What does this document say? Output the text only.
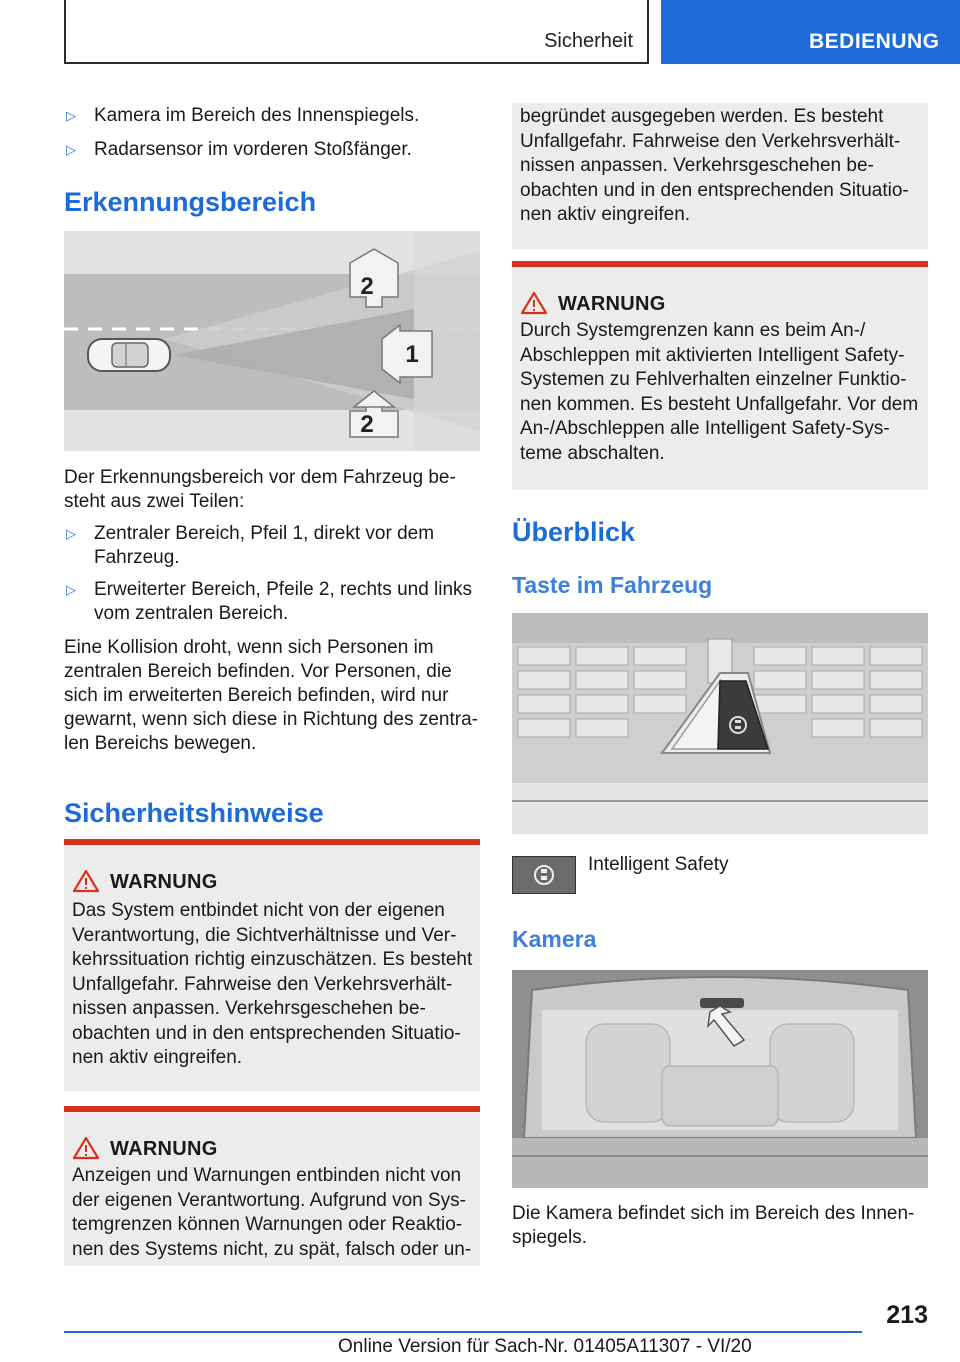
Sicherheit	BEDIENUNG
▷ Kamera im Bereich des Innenspiegels.
▷ Radarsensor im vorderen Stoßfänger.
Erkennungsbereich
2
1
2

Der Erkennungsbereich vor dem Fahrzeug be-

steht aus zwei Teilen:

▷ Zentraler Bereich, Pfeil 1, direkt vor dem
Fahrzeug.
▷ Erweiterter Bereich, Pfeile 2, rechts und links
vom zentralen Bereich.

Eine Kollision droht, wenn sich Personen im

zentralen Bereich befinden. Vor Personen, die

sich im erweiterten Bereich befinden, wird nur

gewarnt, wenn sich diese in Richtung des zentra-

len Bereichs bewegen.

Sicherheitshinweise
WARNUNG
Das System entbindet nicht von der eigenen
Verantwortung, die Sichtverhältnisse und Ver-
kehrssituation richtig einzuschätzen. Es besteht
Unfallgefahr. Fahrweise den Verkehrsverhält-
nissen anpassen. Verkehrsgeschehen be-
obachten und in den entsprechenden Situatio-
nen aktiv eingreifen.
WARNUNG
Anzeigen und Warnungen entbinden nicht von
der eigenen Verantwortung. Aufgrund von Sys-
temgrenzen können Warnungen oder Reaktio-
nen des Systems nicht, zu spät, falsch oder un-
begründet ausgegeben werden. Es besteht
Unfallgefahr. Fahrweise den Verkehrsverhält-
nissen anpassen. Verkehrsgeschehen be-
obachten und in den entsprechenden Situatio-
nen aktiv eingreifen.
WARNUNG
Durch Systemgrenzen kann es beim An-/
Abschleppen mit aktivierten Intelligent Safety-
Systemen zu Fehlverhalten einzelner Funktio-
nen kommen. Es besteht Unfallgefahr. Vor dem
An-/Abschleppen alle Intelligent Safety-Sys-
teme abschalten.
Überblick
Taste im Fahrzeug
Intelligent Safety
Kamera

Die Kamera befindet sich im Bereich des Innen-

spiegels.

213
Online Version für Sach-Nr. 01405A11307 - VI/20
